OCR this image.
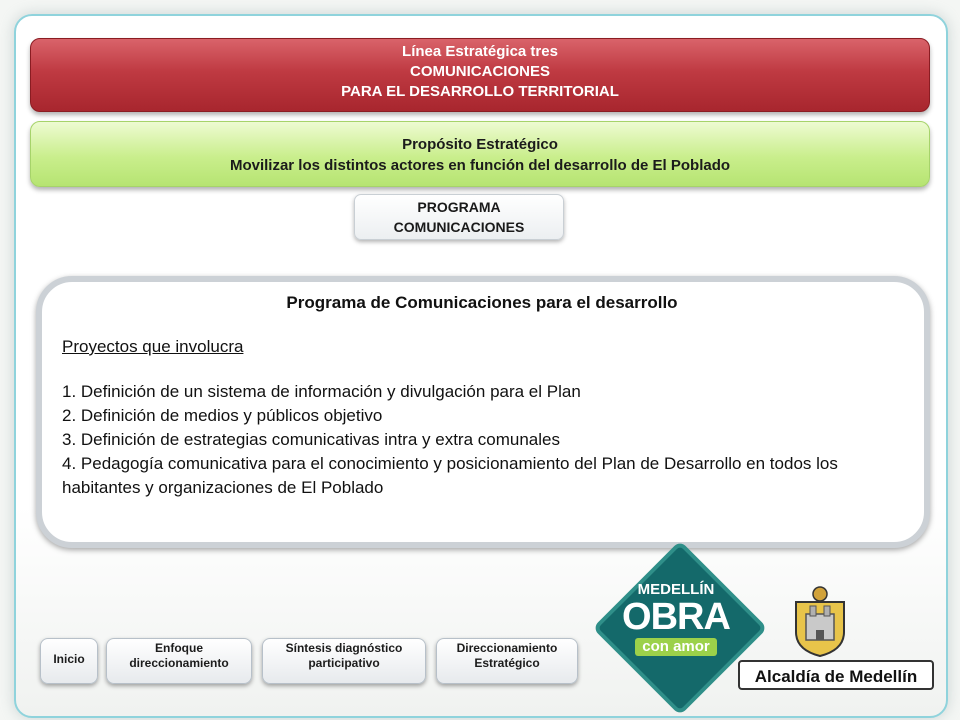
Línea Estratégica tres
COMUNICACIONES
PARA EL DESARROLLO TERRITORIAL
Propósito Estratégico
Movilizar los distintos actores en función del desarrollo de El Poblado
PROGRAMA
COMUNICACIONES
Programa de Comunicaciones para el desarrollo
Proyectos que involucra
1. Definición de un sistema de información y divulgación para el Plan
2. Definición de medios y públicos objetivo
3. Definición de estrategias comunicativas intra y extra comunales
4. Pedagogía comunicativa para el conocimiento y posicionamiento del Plan de Desarrollo en todos los habitantes y organizaciones de El Poblado
Inicio
Enfoque
direccionamiento
Síntesis diagnóstico
participativo
Direccionamiento
Estratégico
MEDELLÍN
OBRA
con amor
Alcaldía de Medellín
